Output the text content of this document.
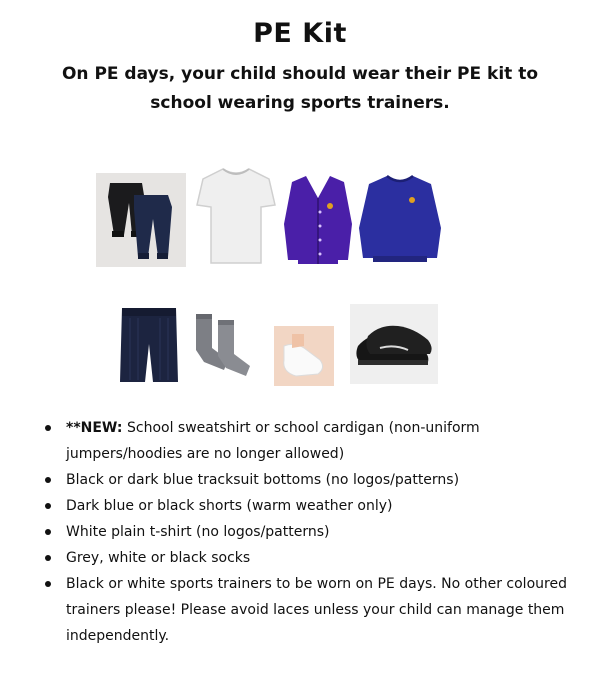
PE Kit
On PE days, your child should wear their PE kit to school wearing sports trainers.
**NEW: School sweatshirt or school cardigan (non-uniform jumpers/hoodies are no longer allowed)
Black or dark blue tracksuit bottoms (no logos/patterns)
Dark blue or black shorts (warm weather only)
White plain t-shirt (no logos/patterns)
Grey, white or black socks
Black or white sports trainers to be worn on PE days. No other coloured trainers please! Please avoid laces unless your child can manage them independently.
